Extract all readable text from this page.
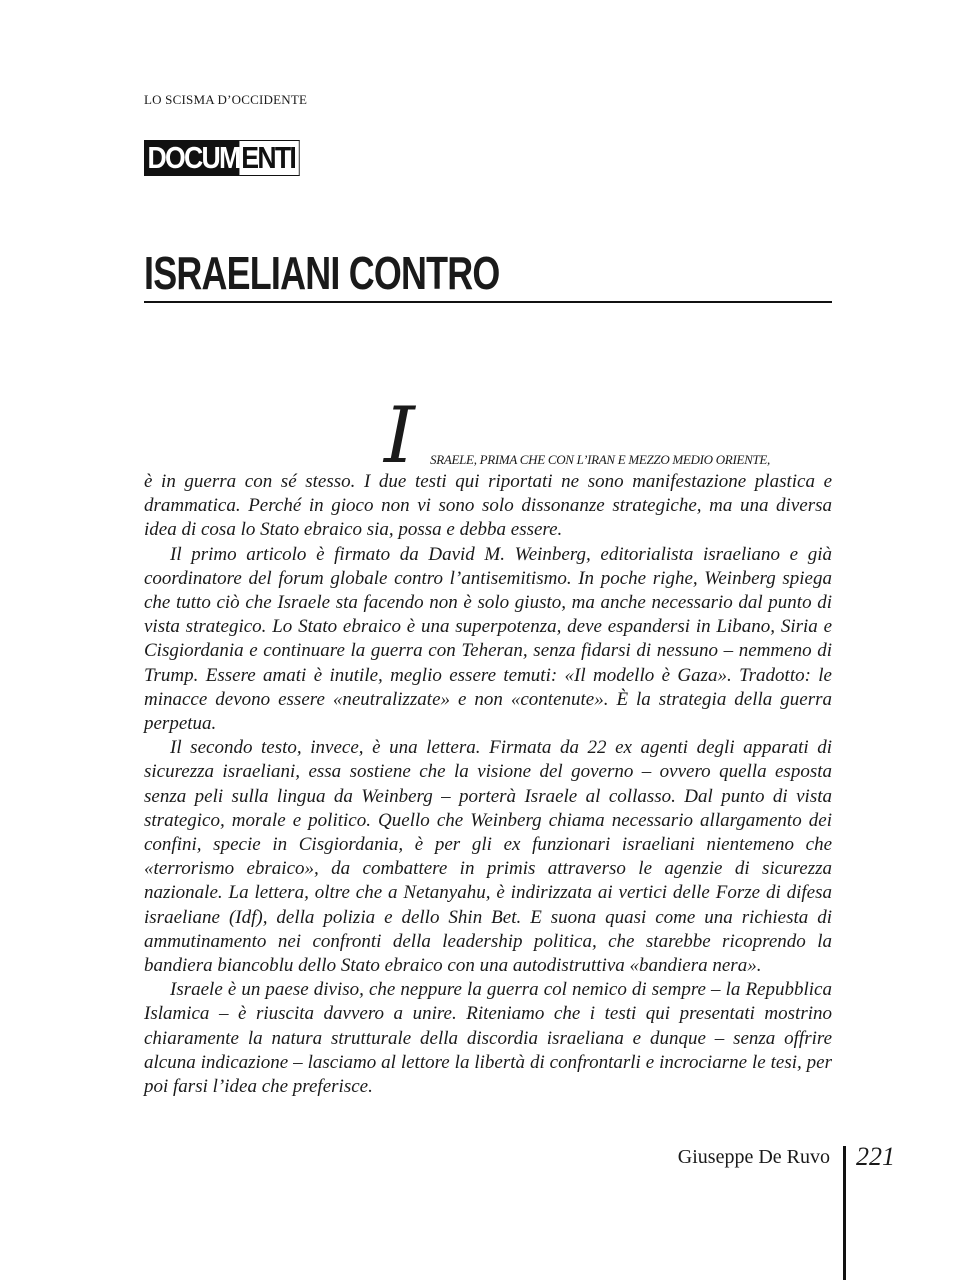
LO SCISMA D’OCCIDENTE
DOCUM ENTI
ISRAELIANI CONTRO
I SRAELE, PRIMA CHE CON L’IRAN E MEZZO MEDIO ORIENTE,

è in guerra con sé stesso. I due testi qui riportati ne sono manifestazione plastica e drammatica. Perché in gioco non vi sono solo dissonanze strategiche, ma una diversa idea di cosa lo Stato ebraico sia, possa e debba essere.

Il primo articolo è firmato da David M. Weinberg, editorialista israeliano e già coordinatore del forum globale contro l’antisemitismo. In poche righe, Weinberg spiega che tutto ciò che Israele sta facendo non è solo giusto, ma anche necessario dal punto di vista strategico. Lo Stato ebraico è una superpotenza, deve espandersi in Libano, Siria e Cisgiordania e continuare la guerra con Teheran, senza fidarsi di nessuno – nemmeno di Trump. Essere amati è inutile, meglio essere temuti: «Il modello è Gaza». Tradotto: le minacce devono essere «neutralizzate» e non «contenute». È la strategia della guerra perpetua.

Il secondo testo, invece, è una lettera. Firmata da 22 ex agenti degli apparati di sicurezza israeliani, essa sostiene che la visione del governo – ovvero quella esposta senza peli sulla lingua da Weinberg – porterà Israele al collasso. Dal punto di vista strategico, morale e politico. Quello che Weinberg chiama necessario allargamento dei confini, specie in Cisgiordania, è per gli ex funzionari israeliani nientemeno che «terrorismo ebraico», da combattere in primis attraverso le agenzie di sicurezza nazionale. La lettera, oltre che a Netanyahu, è indirizzata ai vertici delle Forze di difesa israeliane (Idf), della polizia e dello Shin Bet. E suona quasi come una richiesta di ammutinamento nei confronti della leadership politica, che starebbe ricoprendo la bandiera biancoblu dello Stato ebraico con una autodistruttiva «bandiera nera».

Israele è un paese diviso, che neppure la guerra col nemico di sempre – la Repubblica Islamica – è riuscita davvero a unire. Riteniamo che i testi qui presentati mostrino chiaramente la natura strutturale della discordia israeliana e dunque – senza offrire alcuna indicazione – lasciamo al lettore la libertà di confrontarli e incrociarne le tesi, per poi farsi l’idea che preferisce.

Giuseppe De Ruvo 221
